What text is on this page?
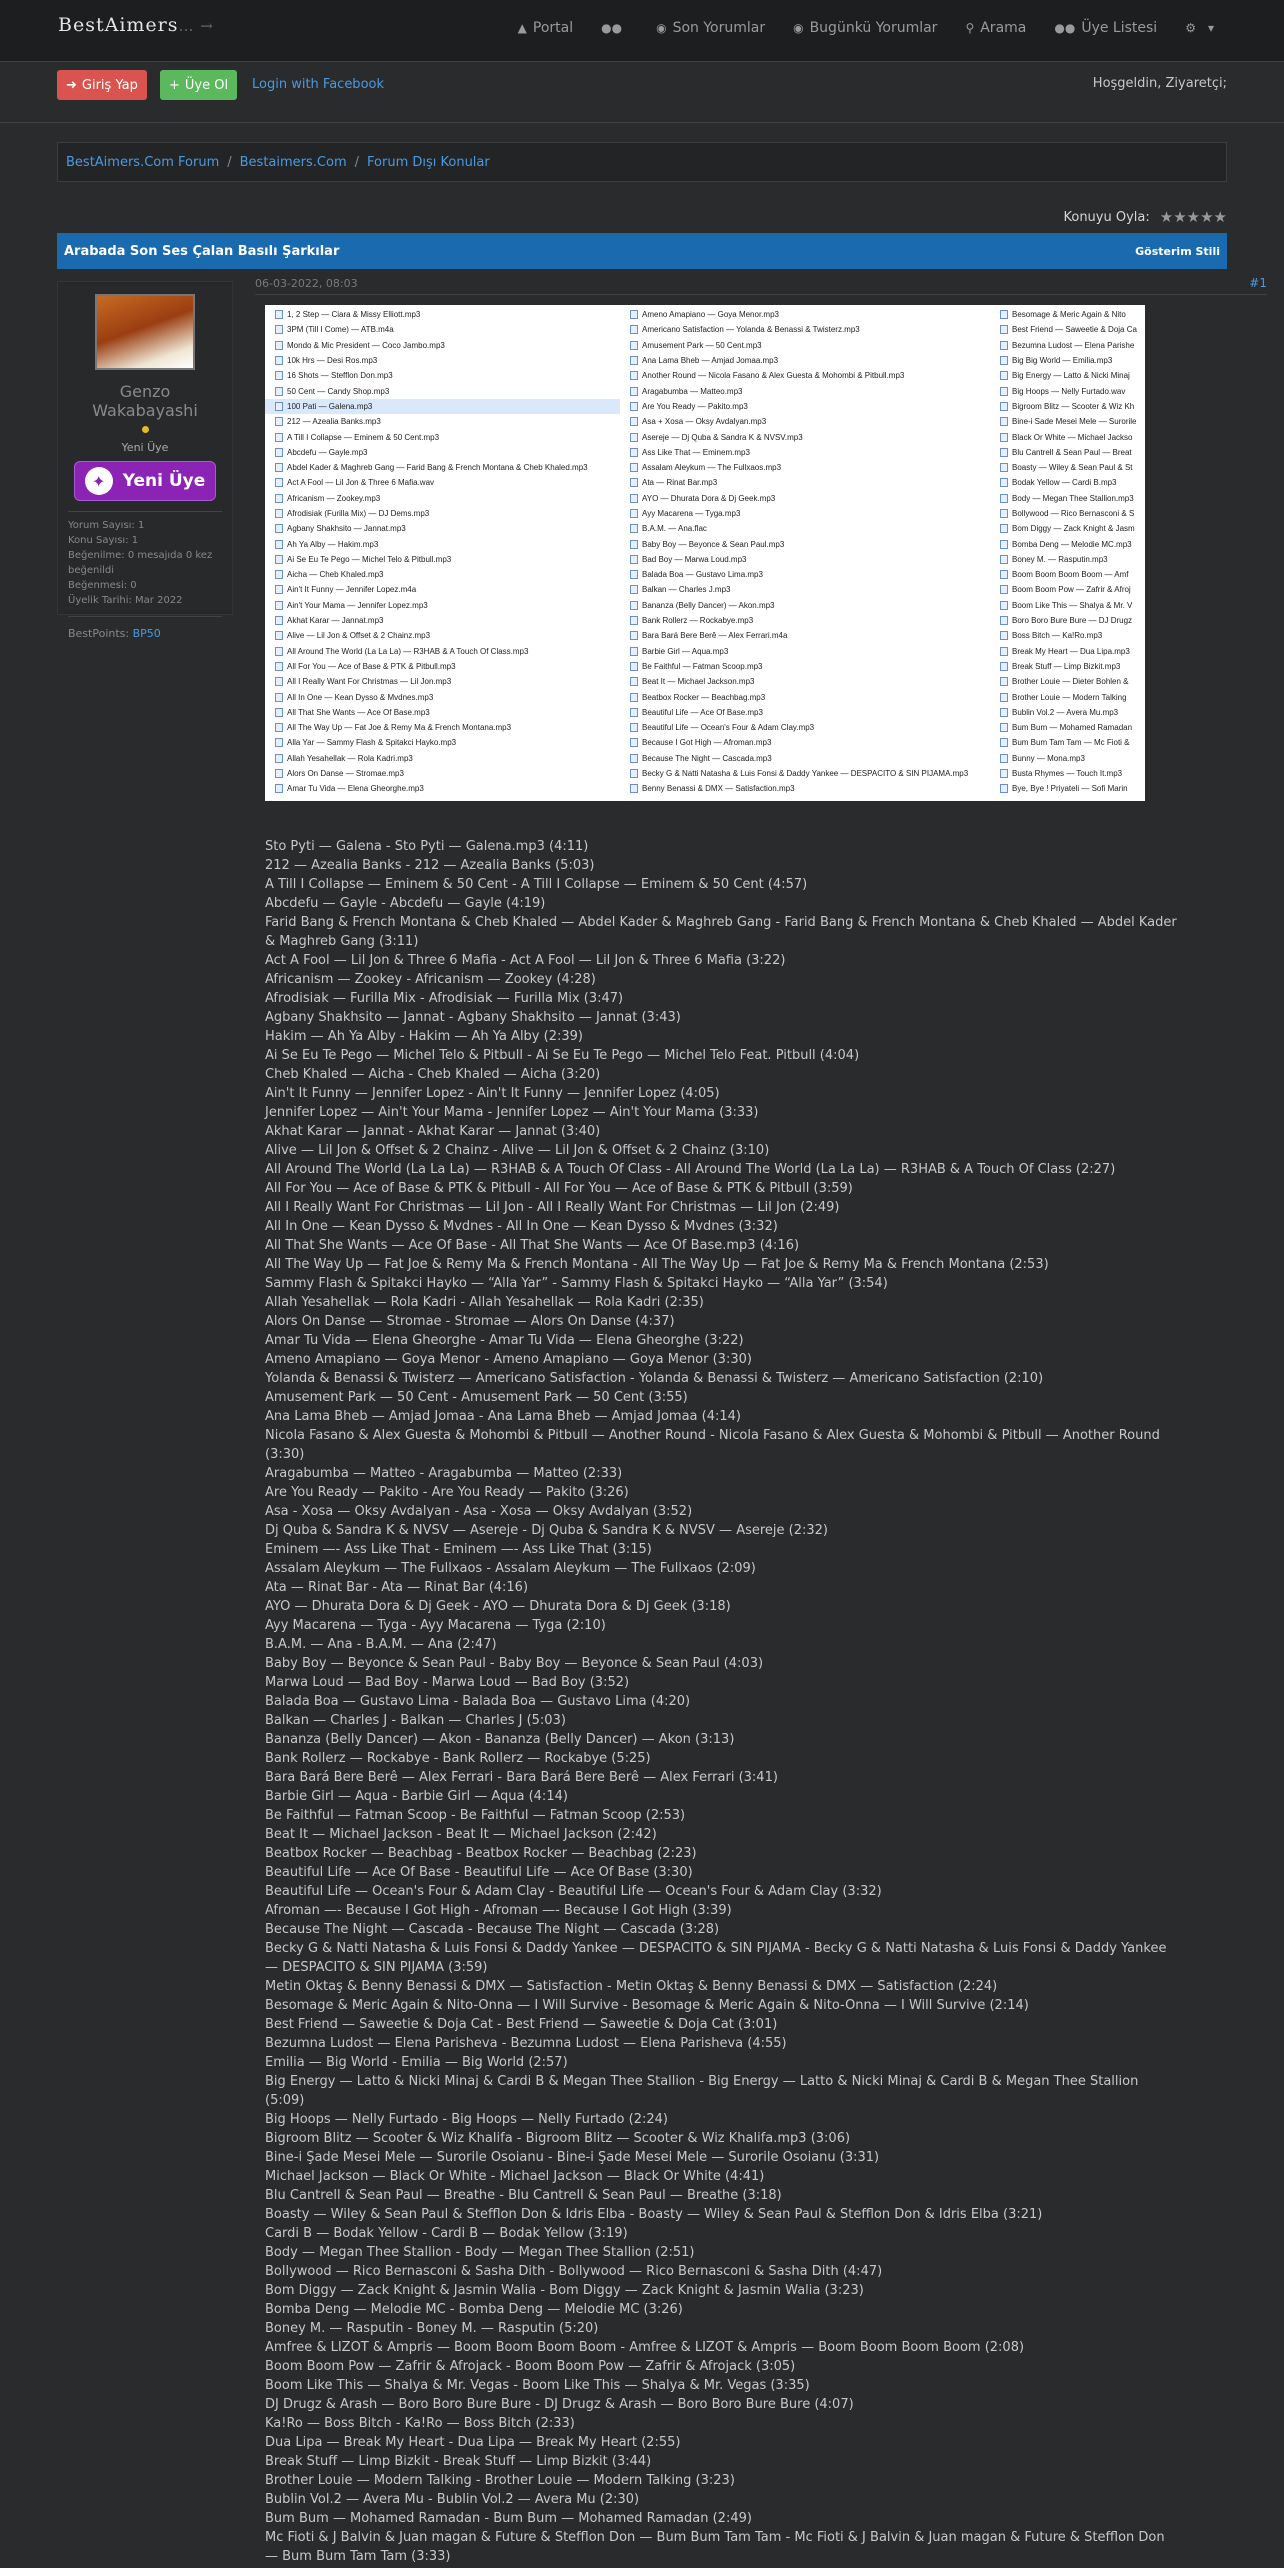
BestAimers… →	▲ Portal ●●	◉ Son Yorumlar ◉ Bugünkü Yorumlar ⚲ Arama ●● Üye Listesi ⚙ ▾
➜ Giriş Yap + Üye Ol Login with Facebook	Hoşgeldin, Ziyaretçi;
BestAimers.Com Forum / Bestaimers.Com / Forum Dışı Konular
Konuyu Oyla: ★★★★★
Arabada Son Ses Çalan Basılı Şarkılar	Gösterim Stili
Genzo Wakabayashi
Yeni Üye
✦	Yeni Üye
Yorum Sayısı: 1
Konu Sayısı: 1
Beğenilme: 0 mesajıda 0 kez beğenildi
Beğenmesi: 0
Üyelik Tarihi: Mar 2022
BestPoints: BP50
06-03-2022, 08:03	#1
1, 2 Step — Ciara & Missy Elliott.mp3
3PM (Till I Come) — ATB.m4a
Mondo & Mic President — Coco Jambo.mp3
10k Hrs — Desi Ros.mp3
16 Shots — Stefflon Don.mp3
50 Cent — Candy Shop.mp3
100 Pati — Galena.mp3
212 — Azealia Banks.mp3
A Till I Collapse — Eminem & 50 Cent.mp3
Abcdefu — Gayle.mp3
Abdel Kader & Maghreb Gang — Farid Bang & French Montana & Cheb Khaled.mp3
Act A Fool — Lil Jon & Three 6 Mafia.wav
Africanism — Zookey.mp3
Afrodisiak (Furilla Mix) — DJ Dems.mp3
Agbany Shakhsito — Jannat.mp3
Ah Ya Alby — Hakim.mp3
Ai Se Eu Te Pego — Michel Telo & Pitbull.mp3
Aicha — Cheb Khaled.mp3
Ain't It Funny — Jennifer Lopez.m4a
Ain't Your Mama — Jennifer Lopez.mp3
Akhat Karar — Jannat.mp3
Alive — Lil Jon & Offset & 2 Chainz.mp3
All Around The World (La La La) — R3HAB & A Touch Of Class.mp3
All For You — Ace of Base & PTK & Pitbull.mp3
All I Really Want For Christmas — Lil Jon.mp3
All In One — Kean Dysso & Mvdnes.mp3
All That She Wants — Ace Of Base.mp3
All The Way Up — Fat Joe & Remy Ma & French Montana.mp3
Alla Yar — Sammy Flash & Spitakci Hayko.mp3
Allah Yesahellak — Rola Kadri.mp3
Alors On Danse — Stromae.mp3
Amar Tu Vida — Elena Gheorghe.mp3
Ameno Amapiano — Goya Menor.mp3
Americano Satisfaction — Yolanda & Benassi & Twisterz.mp3
Amusement Park — 50 Cent.mp3
Ana Lama Bheb — Amjad Jomaa.mp3
Another Round — Nicola Fasano & Alex Guesta & Mohombi & Pitbull.mp3
Aragabumba — Matteo.mp3
Are You Ready — Pakito.mp3
Asa + Xosa — Oksy Avdalyan.mp3
Asereje — Dj Quba & Sandra K & NVSV.mp3
Ass Like That — Eminem.mp3
Assalam Aleykum — The Fullxaos.mp3
Ata — Rinat Bar.mp3
AYO — Dhurata Dora & Dj Geek.mp3
Ayy Macarena — Tyga.mp3
B.A.M. — Ana.flac
Baby Boy — Beyonce & Sean Paul.mp3
Bad Boy — Marwa Loud.mp3
Balada Boa — Gustavo Lima.mp3
Balkan — Charles J.mp3
Bananza (Belly Dancer) — Akon.mp3
Bank Rollerz — Rockabye.mp3
Bara Bará Bere Berê — Alex Ferrari.m4a
Barbie Girl — Aqua.mp3
Be Faithful — Fatman Scoop.mp3
Beat It — Michael Jackson.mp3
Beatbox Rocker — Beachbag.mp3
Beautiful Life — Ace Of Base.mp3
Beautiful Life — Ocean's Four & Adam Clay.mp3
Because I Got High — Afroman.mp3
Because The Night — Cascada.mp3
Becky G & Natti Natasha & Luis Fonsi & Daddy Yankee — DESPACITO & SIN PIJAMA.mp3
Benny Benassi & DMX — Satisfaction.mp3
Besomage & Meric Again & Nito
Best Friend — Saweetie & Doja Ca
Bezumna Ludost — Elena Parishe
Big Big World — Emilia.mp3
Big Energy — Latto & Nicki Minaj
Big Hoops — Nelly Furtado.wav
Bigroom Blitz — Scooter & Wiz Kh
Bine-i Sade Mesei Mele — Surorile
Black Or White — Michael Jackso
Blu Cantrell & Sean Paul — Breat
Boasty — Wiley & Sean Paul & St
Bodak Yellow — Cardi B.mp3
Body — Megan Thee Stallion.mp3
Bollywood — Rico Bernasconi & S
Bom Diggy — Zack Knight & Jasm
Bomba Deng — Melodie MC.mp3
Boney M. — Rasputin.mp3
Boom Boom Boom Boom — Amf
Boom Boom Pow — Zafrir & Afroj
Boom Like This — Shalya & Mr. V
Boro Boro Bure Bure — DJ Drugz
Boss Bitch — Ka!Ro.mp3
Break My Heart — Dua Lipa.mp3
Break Stuff — Limp Bizkit.mp3
Brother Louie — Dieter Bohlen &
Brother Louie — Modern Talking
Bublin Vol.2 — Avera Mu.mp3
Bum Bum — Mohamed Ramadan
Bum Bum Tam Tam — Mc Fioti &
Bunny — Mona.mp3
Busta Rhymes — Touch It.mp3
Bye, Bye ! Priyateli — Sofi Marin
Sto Pyti — Galena - Sto Pyti — Galena.mp3 (4:11)
212 — Azealia Banks - 212 — Azealia Banks (5:03)
A Till I Collapse — Eminem & 50 Cent - A Till I Collapse — Eminem & 50 Cent (4:57)
Abcdefu — Gayle - Abcdefu — Gayle (4:19)
Farid Bang & French Montana & Cheb Khaled — Abdel Kader & Maghreb Gang - Farid Bang & French Montana & Cheb Khaled — Abdel Kader & Maghreb Gang (3:11)
Act A Fool — Lil Jon & Three 6 Mafia - Act A Fool — Lil Jon & Three 6 Mafia (3:22)
Africanism — Zookey - Africanism — Zookey (4:28)
Afrodisiak — Furilla Mix - Afrodisiak — Furilla Mix (3:47)
Agbany Shakhsito — Jannat - Agbany Shakhsito — Jannat (3:43)
Hakim — Ah Ya Alby - Hakim — Ah Ya Alby (2:39)
Ai Se Eu Te Pego — Michel Telo & Pitbull - Ai Se Eu Te Pego — Michel Telo Feat. Pitbull (4:04)
Cheb Khaled — Aicha - Cheb Khaled — Aicha (3:20)
Ain't It Funny — Jennifer Lopez - Ain't It Funny — Jennifer Lopez (4:05)
Jennifer Lopez — Ain't Your Mama - Jennifer Lopez — Ain't Your Mama (3:33)
Akhat Karar — Jannat - Akhat Karar — Jannat (3:40)
Alive — Lil Jon & Offset & 2 Chainz - Alive — Lil Jon & Offset & 2 Chainz (3:10)
All Around The World (La La La) — R3HAB & A Touch Of Class - All Around The World (La La La) — R3HAB & A Touch Of Class (2:27)
All For You — Ace of Base & PTK & Pitbull - All For You — Ace of Base & PTK & Pitbull (3:59)
All I Really Want For Christmas — Lil Jon - All I Really Want For Christmas — Lil Jon (2:49)
All In One — Kean Dysso & Mvdnes - All In One — Kean Dysso & Mvdnes (3:32)
All That She Wants — Ace Of Base - All That She Wants — Ace Of Base.mp3 (4:16)
All The Way Up — Fat Joe & Remy Ma & French Montana - All The Way Up — Fat Joe & Remy Ma & French Montana (2:53)
Sammy Flash & Spitakci Hayko — “Alla Yar” - Sammy Flash & Spitakci Hayko — “Alla Yar” (3:54)
Allah Yesahellak — Rola Kadri - Allah Yesahellak — Rola Kadri (2:35)
Alors On Danse — Stromae - Stromae — Alors On Danse (4:37)
Amar Tu Vida — Elena Gheorghe - Amar Tu Vida — Elena Gheorghe (3:22)
Ameno Amapiano — Goya Menor - Ameno Amapiano — Goya Menor (3:30)
Yolanda & Benassi & Twisterz — Americano Satisfaction - Yolanda & Benassi & Twisterz — Americano Satisfaction (2:10)
Amusement Park — 50 Cent - Amusement Park — 50 Cent (3:55)
Ana Lama Bheb — Amjad Jomaa - Ana Lama Bheb — Amjad Jomaa (4:14)
Nicola Fasano & Alex Guesta & Mohombi & Pitbull — Another Round - Nicola Fasano & Alex Guesta & Mohombi & Pitbull — Another Round (3:30)
Aragabumba — Matteo - Aragabumba — Matteo (2:33)
Are You Ready — Pakito - Are You Ready — Pakito (3:26)
Asa - Xosa — Oksy Avdalyan - Asa - Xosa — Oksy Avdalyan (3:52)
Dj Quba & Sandra K & NVSV — Asereje - Dj Quba & Sandra K & NVSV — Asereje (2:32)
Eminem —- Ass Like That - Eminem —- Ass Like That (3:15)
Assalam Aleykum — The Fullxaos - Assalam Aleykum — The Fullxaos (2:09)
Ata — Rinat Bar - Ata — Rinat Bar (4:16)
AYO — Dhurata Dora & Dj Geek - AYO — Dhurata Dora & Dj Geek (3:18)
Ayy Macarena — Tyga - Ayy Macarena — Tyga (2:10)
B.A.M. — Ana - B.A.M. — Ana (2:47)
Baby Boy — Beyonce & Sean Paul - Baby Boy — Beyonce & Sean Paul (4:03)
Marwa Loud — Bad Boy - Marwa Loud — Bad Boy (3:52)
Balada Boa — Gustavo Lima - Balada Boa — Gustavo Lima (4:20)
Balkan — Charles J - Balkan — Charles J (5:03)
Bananza (Belly Dancer) — Akon - Bananza (Belly Dancer) — Akon (3:13)
Bank Rollerz — Rockabye - Bank Rollerz — Rockabye (5:25)
Bara Bará Bere Berê — Alex Ferrari - Bara Bará Bere Berê — Alex Ferrari (3:41)
Barbie Girl — Aqua - Barbie Girl — Aqua (4:14)
Be Faithful — Fatman Scoop - Be Faithful — Fatman Scoop (2:53)
Beat It — Michael Jackson - Beat It — Michael Jackson (2:42)
Beatbox Rocker — Beachbag - Beatbox Rocker — Beachbag (2:23)
Beautiful Life — Ace Of Base - Beautiful Life — Ace Of Base (3:30)
Beautiful Life — Ocean's Four & Adam Clay - Beautiful Life — Ocean's Four & Adam Clay (3:32)
Afroman —- Because I Got High - Afroman —- Because I Got High (3:39)
Because The Night — Cascada - Because The Night — Cascada (3:28)
Becky G & Natti Natasha & Luis Fonsi & Daddy Yankee — DESPACITO & SIN PIJAMA - Becky G & Natti Natasha & Luis Fonsi & Daddy Yankee — DESPACITO & SIN PIJAMA (3:59)
Metin Oktaş & Benny Benassi & DMX — Satisfaction - Metin Oktaş & Benny Benassi & DMX — Satisfaction (2:24)
Besomage & Meric Again & Nito-Onna — I Will Survive - Besomage & Meric Again & Nito-Onna — I Will Survive (2:14)
Best Friend — Saweetie & Doja Cat - Best Friend — Saweetie & Doja Cat (3:01)
Bezumna Ludost — Elena Parisheva - Bezumna Ludost — Elena Parisheva (4:55)
Emilia — Big World - Emilia — Big World (2:57)
Big Energy — Latto & Nicki Minaj & Cardi B & Megan Thee Stallion - Big Energy — Latto & Nicki Minaj & Cardi B & Megan Thee Stallion (5:09)
Big Hoops — Nelly Furtado - Big Hoops — Nelly Furtado (2:24)
Bigroom Blitz — Scooter & Wiz Khalifa - Bigroom Blitz — Scooter & Wiz Khalifa.mp3 (3:06)
Bine-i Şade Mesei Mele — Surorile Osoianu - Bine-i Şade Mesei Mele — Surorile Osoianu (3:31)
Michael Jackson — Black Or White - Michael Jackson — Black Or White (4:41)
Blu Cantrell & Sean Paul — Breathe - Blu Cantrell & Sean Paul — Breathe (3:18)
Boasty — Wiley & Sean Paul & Stefflon Don & Idris Elba - Boasty — Wiley & Sean Paul & Stefflon Don & Idris Elba (3:21)
Cardi B — Bodak Yellow - Cardi B — Bodak Yellow (3:19)
Body — Megan Thee Stallion - Body — Megan Thee Stallion (2:51)
Bollywood — Rico Bernasconi & Sasha Dith - Bollywood — Rico Bernasconi & Sasha Dith (4:47)
Bom Diggy — Zack Knight & Jasmin Walia - Bom Diggy — Zack Knight & Jasmin Walia (3:23)
Bomba Deng — Melodie MC - Bomba Deng — Melodie MC (3:26)
Boney M. — Rasputin - Boney M. — Rasputin (5:20)
Amfree & LIZOT & Ampris — Boom Boom Boom Boom - Amfree & LIZOT & Ampris — Boom Boom Boom Boom (2:08)
Boom Boom Pow — Zafrir & Afrojack - Boom Boom Pow — Zafrir & Afrojack (3:05)
Boom Like This — Shalya & Mr. Vegas - Boom Like This — Shalya & Mr. Vegas (3:35)
DJ Drugz & Arash — Boro Boro Bure Bure - DJ Drugz & Arash — Boro Boro Bure Bure (4:07)
Ka!Ro — Boss Bitch - Ka!Ro — Boss Bitch (2:33)
Dua Lipa — Break My Heart - Dua Lipa — Break My Heart (2:55)
Break Stuff — Limp Bizkit - Break Stuff — Limp Bizkit (3:44)
Brother Louie — Modern Talking - Brother Louie — Modern Talking (3:23)
Bublin Vol.2 — Avera Mu - Bublin Vol.2 — Avera Mu (2:30)
Bum Bum — Mohamed Ramadan - Bum Bum — Mohamed Ramadan (2:49)
Mc Fioti & J Balvin & Juan magan & Future & Stefflon Don — Bum Bum Tam Tam - Mc Fioti & J Balvin & Juan magan & Future & Stefflon Don — Bum Bum Tam Tam (3:33)
